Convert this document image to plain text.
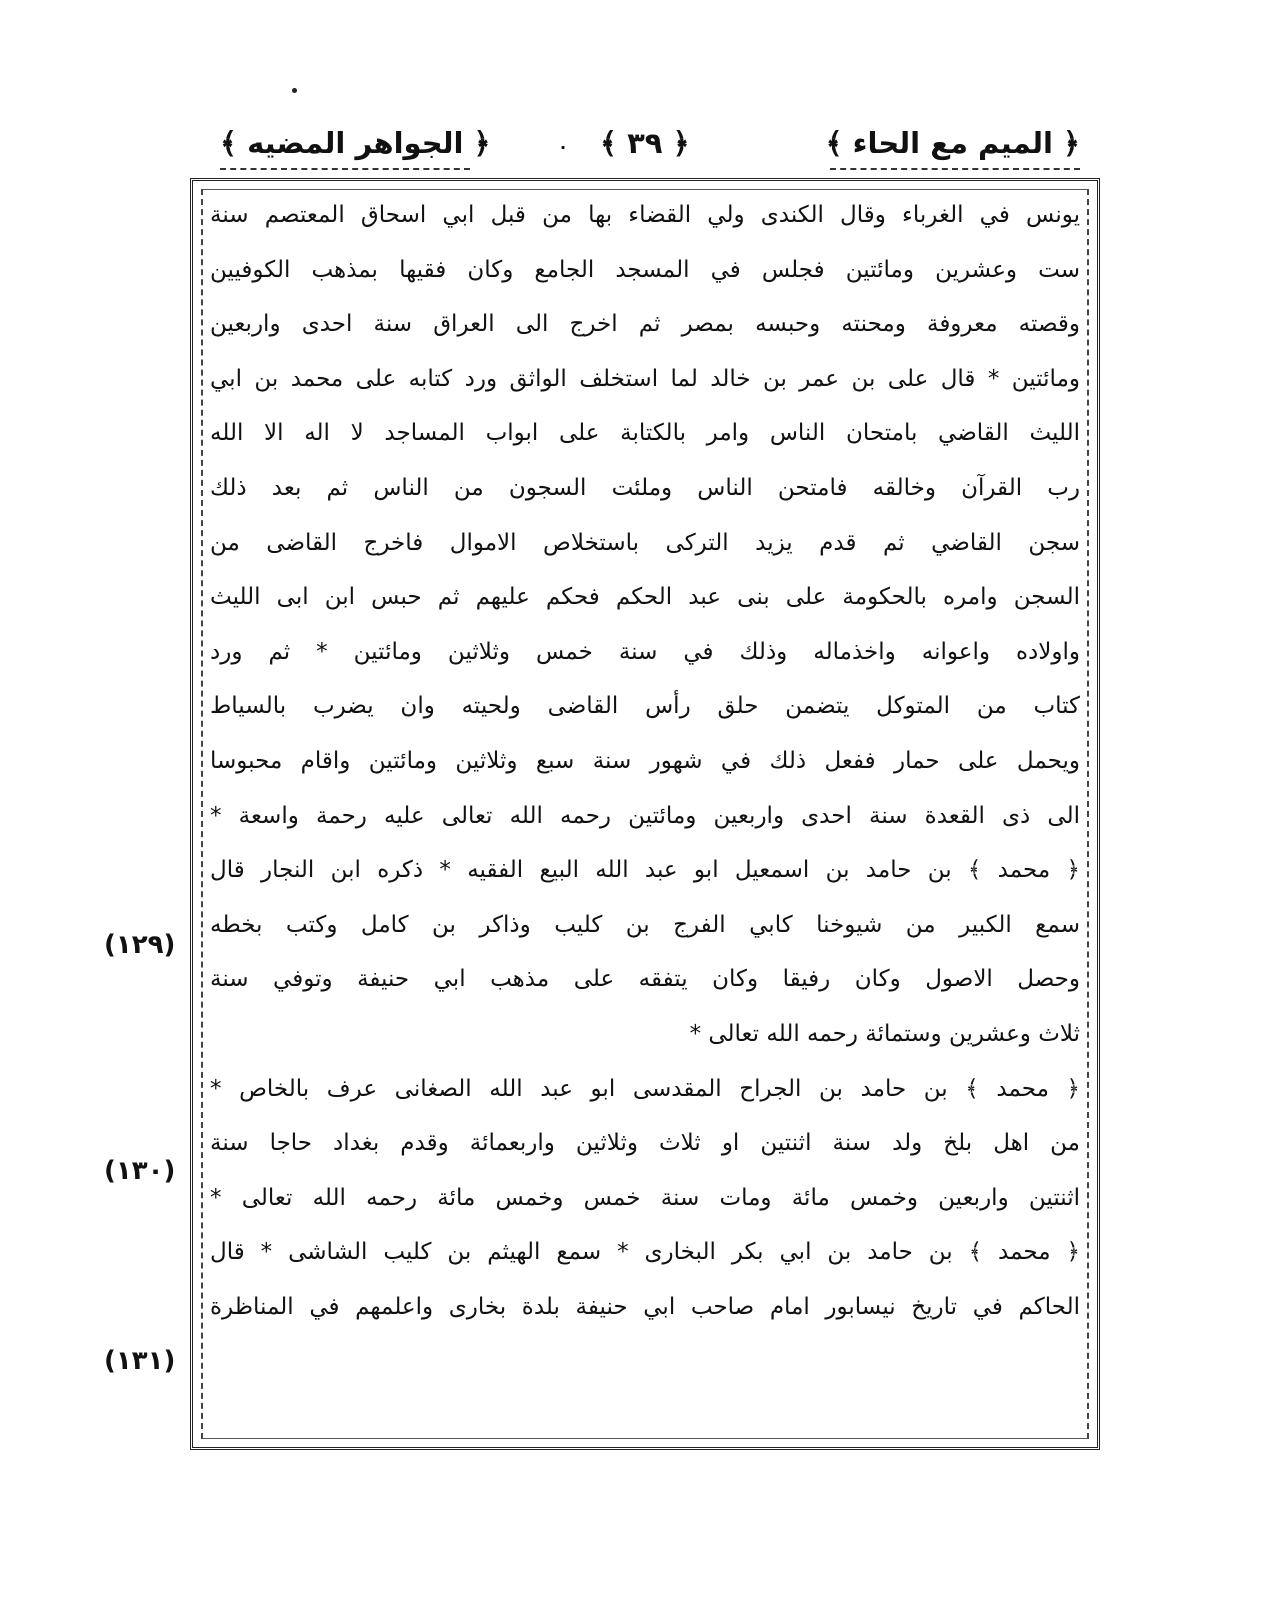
﴿ الميم مع الحاء ﴾
﴿ ٣٩ ﴾
·
﴿ الجواهر المضيه ﴾
يونس في الغرباء وقال الكندى ولي القضاء بها من قبل ابي اسحاق المعتصم سنة
ست وعشرين ومائتين فجلس في المسجد الجامع وكان فقيها بمذهب الكوفيين
وقصته معروفة ومحنته وحبسه بمصر ثم اخرج الى العراق سنة احدى واربعين
ومائتين * قال على بن عمر بن خالد لما استخلف الواثق ورد كتابه على محمد بن ابي
الليث القاضي بامتحان الناس وامر بالكتابة على ابواب المساجد لا اله الا الله
رب القرآن وخالقه فامتحن الناس وملئت السجون من الناس ثم بعد ذلك
سجن القاضي ثم قدم يزيد التركى باستخلاص الاموال فاخرج القاضى من
السجن وامره بالحكومة على بنى عبد الحكم فحكم عليهم ثم حبس ابن ابى الليث
واولاده واعوانه واخذماله وذلك في سنة خمس وثلاثين ومائتين * ثم ورد
كتاب من المتوكل يتضمن حلق رأس القاضى ولحيته وان يضرب بالسياط
ويحمل على حمار ففعل ذلك في شهور سنة سبع وثلاثين ومائتين واقام محبوسا
الى ذى القعدة سنة احدى واربعين ومائتين رحمه الله تعالى عليه رحمة واسعة *
﴿ محمد ﴾ بن حامد بن اسمعيل ابو عبد الله البيع الفقيه * ذكره ابن النجار قال
سمع الكبير من شيوخنا كابي الفرج بن كليب وذاكر بن كامل وكتب بخطه
وحصل الاصول وكان رفيقا وكان يتفقه على مذهب ابي حنيفة وتوفي سنة
ثلاث وعشرين وستمائة رحمه الله تعالى *
﴿ محمد ﴾ بن حامد بن الجراح المقدسى ابو عبد الله الصغانى عرف بالخاص *
من اهل بلخ ولد سنة اثنتين او ثلاث وثلاثين واربعمائة وقدم بغداد حاجا سنة
اثنتين واربعين وخمس مائة ومات سنة خمس وخمس مائة رحمه الله تعالى *
﴿ محمد ﴾ بن حامد بن ابي بكر البخارى * سمع الهيثم بن كليب الشاشى * قال
الحاكم في تاريخ نيسابور امام صاحب ابي حنيفة بلدة بخارى واعلمهم في المناظرة
(١٢٩)
(١٣٠)
(١٣١)
